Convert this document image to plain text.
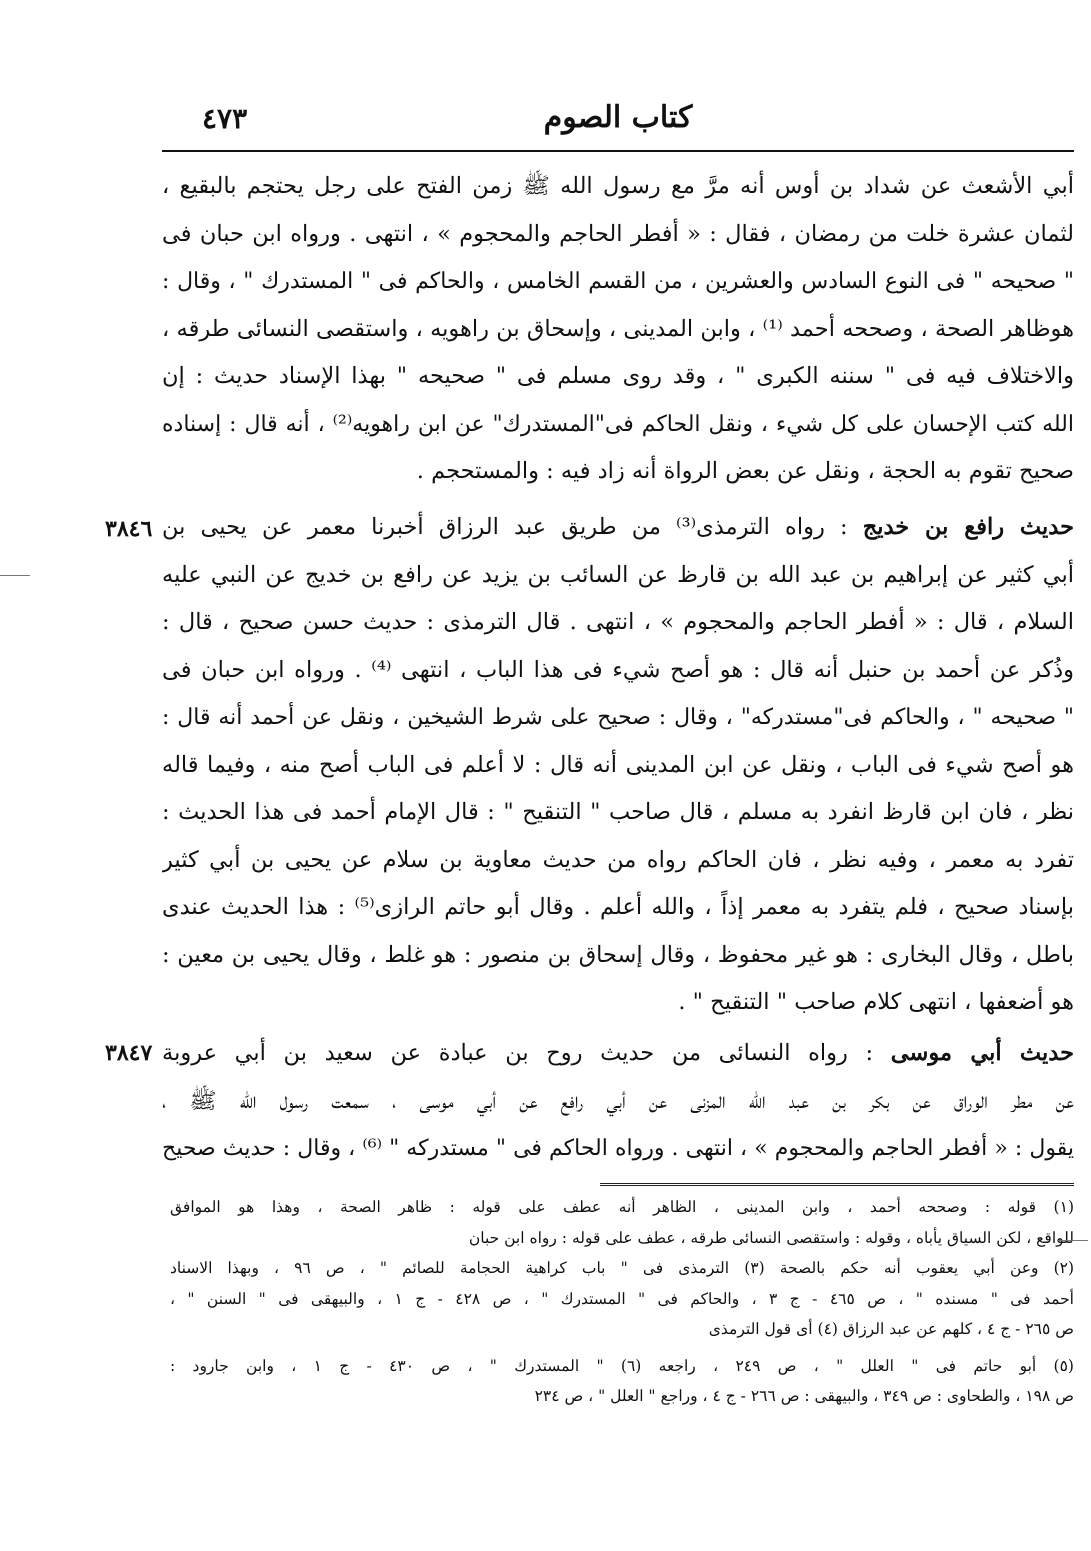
كتاب الصوم
٤٧٣
أبي الأشعث عن شداد بن أوس أنه مرَّ مع رسول الله ﷺ زمن الفتح على رجل يحتجم بالبقيع ،
لثمان عشرة خلت من رمضان ، فقال : « أفطر الحاجم والمحجوم » ، انتهى . ورواه ابن حبان فى
" صحيحه " فى النوع السادس والعشرين ، من القسم الخامس ، والحاكم فى " المستدرك " ، وقال :
هوظاهر الصحة ، وصححه أحمد ⁽¹⁾ ، وابن المدينى ، وإسحاق بن راهويه ، واستقصى النسائى طرقه ،
والاختلاف فيه فى " سننه الكبرى " ، وقد روى مسلم فى " صحيحه " بهذا الإسناد حديث : إن
الله كتب الإحسان على كل شيء ، ونقل الحاكم فى"المستدرك" عن ابن راهويه⁽²⁾ ، أنه قال : إسناده
صحيح تقوم به الحجة ، ونقل عن بعض الرواة أنه زاد فيه : والمستحجم .
٣٨٤٦	حديث رافع بن خديج : رواه الترمذى⁽³⁾ من طريق عبد الرزاق أخبرنا معمر عن يحيى بن
أبي كثير عن إبراهيم بن عبد الله بن قارظ عن السائب بن يزيد عن رافع بن خديج عن النبي عليه
السلام ، قال : « أفطر الحاجم والمحجوم » ، انتهى . قال الترمذى : حديث حسن صحيح ، قال :
وذُكر عن أحمد بن حنبل أنه قال : هو أصح شيء فى هذا الباب ، انتهى ⁽⁴⁾ . ورواه ابن حبان فى
" صحيحه " ، والحاكم فى"مستدركه" ، وقال : صحيح على شرط الشيخين ، ونقل عن أحمد أنه قال :
هو أصح شيء فى الباب ، ونقل عن ابن المدينى أنه قال : لا أعلم فى الباب أصح منه ، وفيما قاله
نظر ، فان ابن قارظ انفرد به مسلم ، قال صاحب " التنقيح " : قال الإمام أحمد فى هذا الحديث :
تفرد به معمر ، وفيه نظر ، فان الحاكم رواه من حديث معاوية بن سلام عن يحيى بن أبي كثير
بإسناد صحيح ، فلم يتفرد به معمر إذاً ، والله أعلم . وقال أبو حاتم الرازى⁽⁵⁾ : هذا الحديث عندى
باطل ، وقال البخارى : هو غير محفوظ ، وقال إسحاق بن منصور : هو غلط ، وقال يحيى بن معين :
هو أضعفها ، انتهى كلام صاحب " التنقيح " .
٣٨٤٧	حديث أبي موسى : رواه النسائى من حديث روح بن عبادة عن سعيد بن أبي عروبة
عن مطر الوراق عن بكر بن عبد الله المزنى عن أبي رافع عن أبي موسى ، سمعت رسول الله ﷺ ،
يقول : « أفطر الحاجم والمحجوم » ، انتهى . ورواه الحاكم فى " مستدركه " ⁽⁶⁾ ، وقال : حديث صحيح
(١) قوله : وصححه أحمد ، وابن المدينى ، الظاهر أنه عطف على قوله : ظاهر الصحة ، وهذا هو الموافق
للواقع ، لكن السياق يأباه ، وقوله : واستقصى النسائى طرقه ، عطف على قوله : رواه ابن حبان
(٢) وعن أبي يعقوب أنه حكم بالصحة (٣) الترمذى فى " باب كراهية الحجامة للصائم " ، ص ٩٦ ، وبهذا الاسناد
أحمد فى " مسنده " ، ص ٤٦٥ - ج ٣ ، والحاكم فى " المستدرك " ، ص ٤٢٨ - ج ١ ، والبيهقى فى " السنن " ،
ص ٢٦٥ - ج ٤ ، كلهم عن عبد الرزاق (٤) أى قول الترمذى
(٥) أبو حاتم فى " العلل " ، ص ٢٤٩ ، راجعه (٦) " المستدرك " ، ص ٤٣٠ - ج ١ ، وابن جارود :
ص ١٩٨ ، والطحاوى : ص ٣٤٩ ، والبيهقى : ص ٢٦٦ - ج ٤ ، وراجع " العلل " ، ص ٢٣٤
